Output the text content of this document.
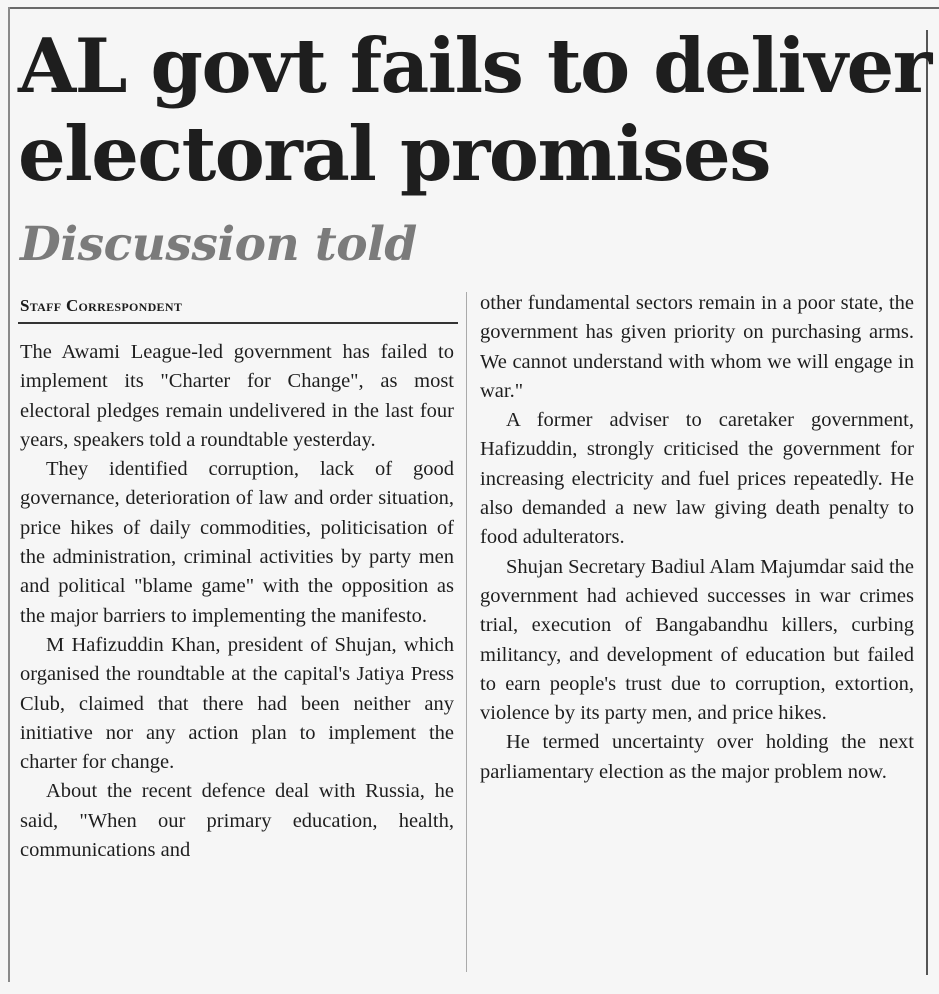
AL govt fails to deliver
electoral promises
Discussion told
Staff Correspondent

The Awami League-led government has failed to implement its "Charter for Change", as most electoral pledges remain undelivered in the last four years, speakers told a roundtable yesterday.

They identified corruption, lack of good governance, deterioration of law and order situation, price hikes of daily commodities, politicisation of the administration, criminal activities by party men and political "blame game" with the opposition as the major barriers to implementing the manifesto.

M Hafizuddin Khan, president of Shujan, which organised the roundtable at the capital's Jatiya Press Club, claimed that there had been neither any initiative nor any action plan to implement the charter for change.

About the recent defence deal with Russia, he said, "When our primary education, health, communications and

other fundamental sectors remain in a poor state, the government has given priority on purchasing arms. We cannot understand with whom we will engage in war."

A former adviser to caretaker government, Hafizuddin, strongly criticised the government for increasing electricity and fuel prices repeatedly. He also demanded a new law giving death penalty to food adulterators.

Shujan Secretary Badiul Alam Majumdar said the government had achieved successes in war crimes trial, execution of Bangabandhu killers, curbing militancy, and development of education but failed to earn people's trust due to corruption, extortion, violence by its party men, and price hikes.

He termed uncertainty over holding the next parliamentary election as the major problem now.
